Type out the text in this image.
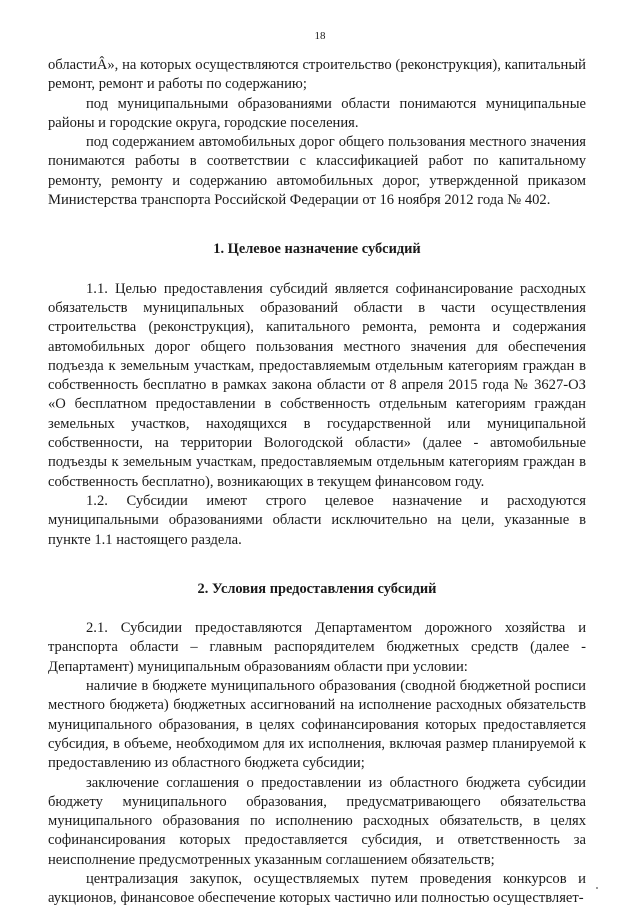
18

областиÂ», на которых осуществляются строительство (реконструкция), капитальный ремонт, ремонт и работы по содержанию;

под муниципальными образованиями области понимаются муниципальные районы и городские округа, городские поселения.

под содержанием автомобильных дорог общего пользования местного значения понимаются работы в соответствии с классификацией работ по капитальному ремонту, ремонту и содержанию автомобильных дорог, утвержденной приказом Министерства транспорта Российской Федерации от 16 ноября 2012 года № 402.

1. Целевое назначение субсидий

1.1. Целью предоставления субсидий является софинансирование расходных обязательств муниципальных образований области в части осуществления строительства (реконструкция), капитального ремонта, ремонта и содержания автомобильных дорог общего пользования местного значения для обеспечения подъезда к земельным участкам, предоставляемым отдельным категориям граждан в собственность бесплатно в рамках закона области от 8 апреля 2015 года № 3627-ОЗ «О бесплатном предоставлении в собственность отдельным категориям граждан земельных участков, находящихся в государственной или муниципальной собственности, на территории Вологодской области» (далее - автомобильные подъезды к земельным участкам, предоставляемым отдельным категориям граждан в собственность бесплатно), возникающих в текущем финансовом году.

1.2. Субсидии имеют строго целевое назначение и расходуются муниципальными образованиями области исключительно на цели, указанные в пункте 1.1 настоящего раздела.

2. Условия предоставления субсидий

2.1. Субсидии предоставляются Департаментом дорожного хозяйства и транспорта области – главным распорядителем бюджетных средств (далее - Департамент) муниципальным образованиям области при условии:

наличие в бюджете муниципального образования (сводной бюджетной росписи местного бюджета) бюджетных ассигнований на исполнение расходных обязательств муниципального образования, в целях софинансирования которых предоставляется субсидия, в объеме, необходимом для их исполнения, включая размер планируемой к предоставлению из областного бюджета субсидии;

заключение соглашения о предоставлении из областного бюджета субсидии бюджету муниципального образования, предусматривающего обязательства муниципального образования по исполнению расходных обязательств, в целях софинансирования которых предоставляется субсидия, и ответственность за неисполнение предусмотренных указанным соглашением обязательств;

централизация закупок, осуществляемых путем проведения конкурсов и аукционов, финансовое обеспечение которых частично или полностью осуществляет-
